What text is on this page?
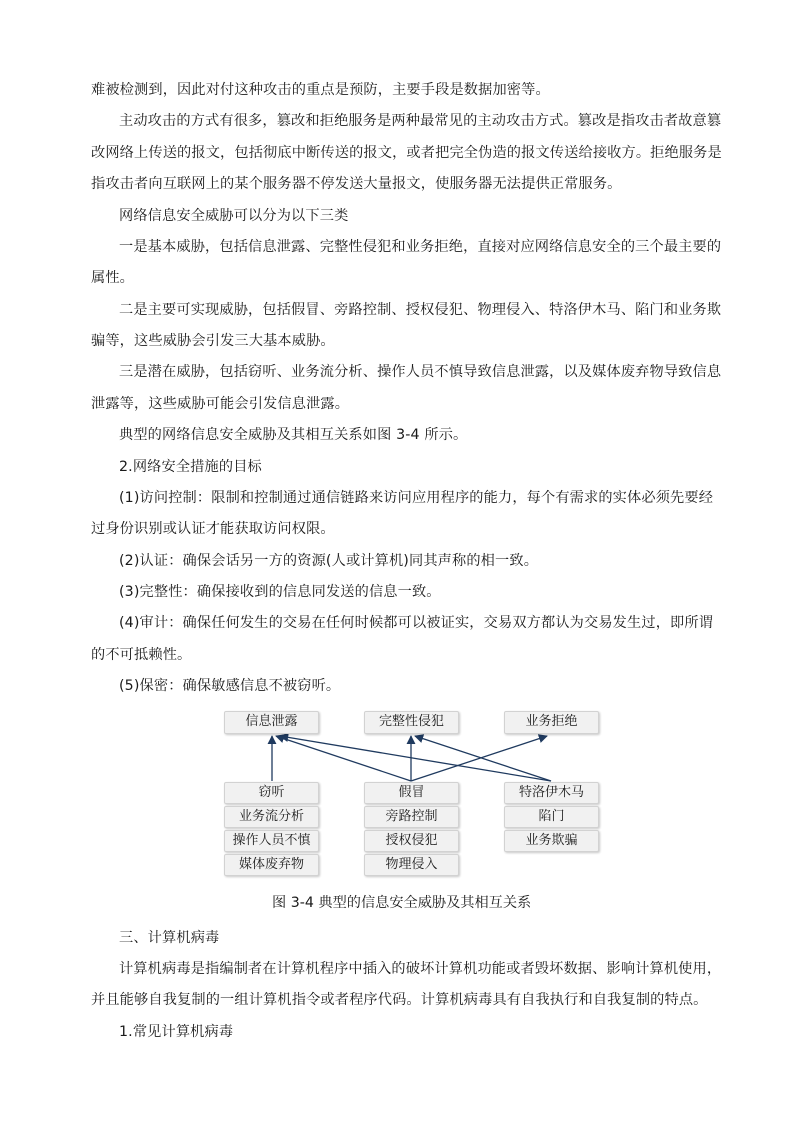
难被检测到，因此对付这种攻击的重点是预防，主要手段是数据加密等。
主动攻击的方式有很多，篡改和拒绝服务是两种最常见的主动攻击方式。篡改是指攻击者故意篡
改网络上传送的报文，包括彻底中断传送的报文，或者把完全伪造的报文传送给接收方。拒绝服务是
指攻击者向互联网上的某个服务器不停发送大量报文，使服务器无法提供正常服务。
网络信息安全威胁可以分为以下三类
一是基本威胁，包括信息泄露、完整性侵犯和业务拒绝，直接对应网络信息安全的三个最主要的
属性。
二是主要可实现威胁，包括假冒、旁路控制、授权侵犯、物理侵入、特洛伊木马、陷门和业务欺
骗等，这些威胁会引发三大基本威胁。
三是潜在威胁，包括窃听、业务流分析、操作人员不慎导致信息泄露，以及媒体废弃物导致信息
泄露等，这些威胁可能会引发信息泄露。
典型的网络信息安全威胁及其相互关系如图 3-4 所示。
2.网络安全措施的目标
(1)访问控制：限制和控制通过通信链路来访问应用程序的能力，每个有需求的实体必须先要经
过身份识别或认证才能获取访问权限。
(2)认证：确保会话另一方的资源(人或计算机)同其声称的相一致。
(3)完整性：确保接收到的信息同发送的信息一致。
(4)审计：确保任何发生的交易在任何时候都可以被证实，交易双方都认为交易发生过，即所谓
的不可抵赖性。
(5)保密：确保敏感信息不被窃听。
信息泄露	完整性侵犯	业务拒绝
窃听
业务流分析
操作人员不慎
媒体废弃物
假冒
旁路控制
授权侵犯
物理侵入
特洛伊木马
陷门
业务欺骗
图 3-4 典型的信息安全威胁及其相互关系
三、计算机病毒
计算机病毒是指编制者在计算机程序中插入的破坏计算机功能或者毁坏数据、影响计算机使用，
并且能够自我复制的一组计算机指令或者程序代码。计算机病毒具有自我执行和自我复制的特点。
1.常见计算机病毒
